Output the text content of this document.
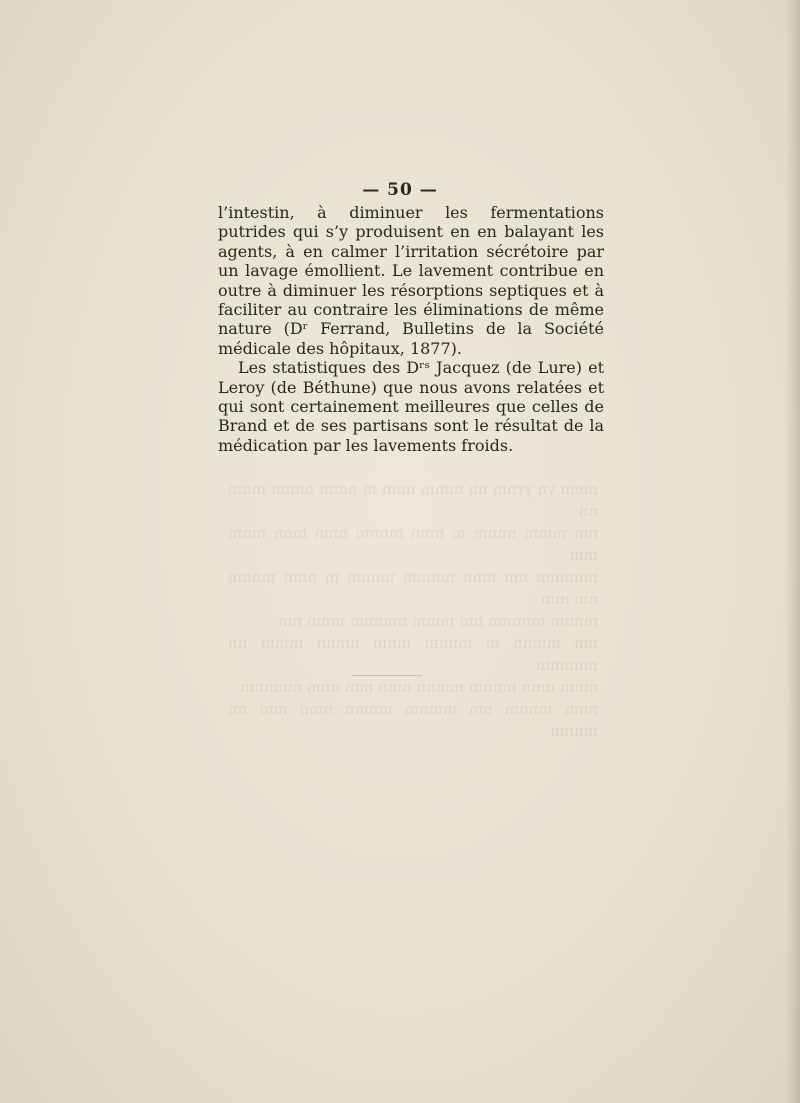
— 50 —

l’intestin, à diminuer les fermentations putrides qui s’y produisent en en balayant les agents, à en calmer l’irritation sécrétoire par un lavage émollient. Le lavement contribue en outre à diminuer les résorptions septiques et à faciliter au contraire les éliminations de même nature (Dʳ Ferrand, Bulletins de la Société médicale des hôpitaux, 1877).

Les statistiques des Dʳˢ Jacquez (de Lure) et Leroy (de Béthune) que nous avons relatées et qui sont certainement meilleures que celles de Brand et de ses partisans sont le résultat de la médication par les lavements froids.

mem yn yrnm nn mmm mnn m nmm nnmn mmn nn

nm mmm nnnm m nmn mnnm nnm mnn mnm mm

nmmnm nm mnn mnmm nnmm m nmn mnnm nm mm

mnnm mnnmn nm mmm nmnnm mnm nm

nm mmnn m mnnm mnm nmnn mmm nn mnmnm

mnm nmn mnnm mmnn nmn mm nnm mmnnm

nmn mnnm nm mmnm mnmn nmn mm nn mnnm
